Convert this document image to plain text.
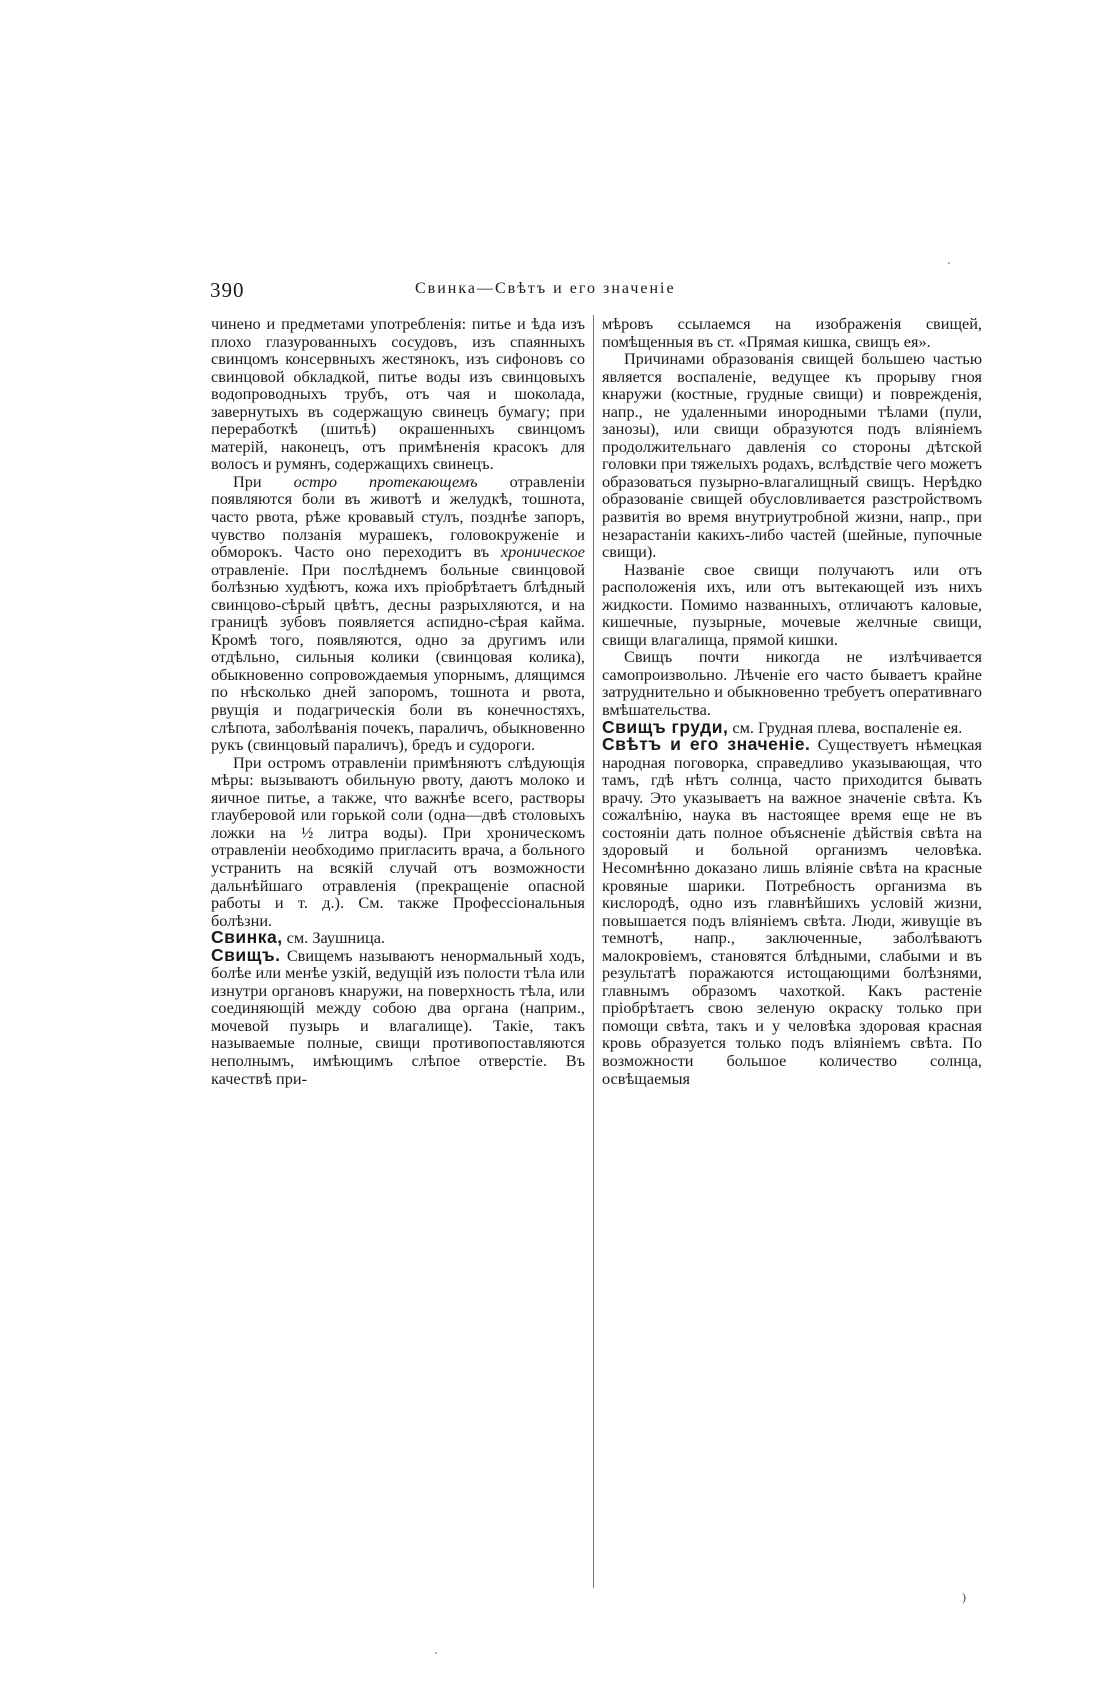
390	Свинка—Свѣтъ и его значеніе

чинено и предметами употребленія: питье и ѣда изъ плохо глазурованныхъ сосудовъ, изъ спаянныхъ свинцомъ консервныхъ жестянокъ, изъ сифоновъ со свинцовой обкладкой, питье воды изъ свинцовыхъ водопроводныхъ трубъ, отъ чая и шоколада, завернутыхъ въ содержащую свинецъ бумагу; при переработкѣ (шитьѣ) окрашенныхъ свинцомъ матерій, наконецъ, отъ примѣненія красокъ для волосъ и румянъ, содержащихъ свинецъ.

При остро протекающемъ отравленіи появляются боли въ животѣ и желудкѣ, тошнота, часто рвота, рѣже кровавый стулъ, позднѣе запоръ, чувство ползанія мурашекъ, головокруженіе и обморокъ. Часто оно переходитъ въ хроническое отравленіе. При послѣднемъ больные свинцовой болѣзнью худѣютъ, кожа ихъ пріобрѣтаетъ блѣдный свинцово-сѣрый цвѣтъ, десны разрыхляются, и на границѣ зубовъ появляется аспидно-сѣрая кайма. Кромѣ того, появляются, одно за другимъ или отдѣльно, сильныя колики (свинцовая колика), обыкновенно сопровождаемыя упорнымъ, длящимся по нѣсколько дней запоромъ, тошнота и рвота, рвущія и подагрическія боли въ конечностяхъ, слѣпота, заболѣванія почекъ, параличъ, обыкновенно рукъ (свинцовый параличъ), бредъ и судороги.

При остромъ отравленіи примѣняютъ слѣдующія мѣры: вызываютъ обильную рвоту, даютъ молоко и яичное питье, а также, что важнѣе всего, растворы глауберовой или горькой соли (одна—двѣ столовыхъ ложки на ½ литра воды). При хроническомъ отравленіи необходимо пригласить врача, а больного устранить на всякій случай отъ возможности дальнѣйшаго отравленія (прекращеніе опасной работы и т. д.). См. также Профессіональныя болѣзни.

Свинка, см. Заушница.

Свищъ. Свищемъ называютъ ненормальный ходъ, болѣе или менѣе узкій, ведущій изъ полости тѣла или изнутри органовъ кнаружи, на поверхность тѣла, или соединяющій между собою два органа (наприм., мочевой пузырь и влагалище). Такіе, такъ называемые полные, свищи противопоставляются неполнымъ, имѣющимъ слѣпое отверстіе. Въ качествѣ при-

мѣровъ ссылаемся на изображенія свищей, помѣщенныя въ ст. «Прямая кишка, свищъ ея».

Причинами образованія свищей большею частью является воспаленіе, ведущее къ прорыву гноя кнаружи (костные, грудные свищи) и поврежденія, напр., не удаленными инородными тѣлами (пули, занозы), или свищи образуются подъ вліяніемъ продолжительнаго давленія со стороны дѣтской головки при тяжелыхъ родахъ, вслѣдствіе чего можетъ образоваться пузырно-влагалищный свищъ. Нерѣдко образованіе свищей обусловливается разстройствомъ развитія во время внутриутробной жизни, напр., при незарастаніи какихъ-либо частей (шейные, пупочные свищи).

Названіе свое свищи получаютъ или отъ расположенія ихъ, или отъ вытекающей изъ нихъ жидкости. Помимо названныхъ, отличаютъ каловые, кишечные, пузырные, мочевые желчные свищи, свищи влагалища, прямой кишки.

Свищъ почти никогда не излѣчивается самопроизвольно. Лѣченіе его часто бываетъ крайне затруднительно и обыкновенно требуетъ оперативнаго вмѣшательства.

Свищъ груди, см. Грудная плева, воспаленіе ея.

Свѣтъ и его значеніе. Существуетъ нѣмецкая народная поговорка, справедливо указывающая, что тамъ, гдѣ нѣтъ солнца, часто приходится бывать врачу. Это указываетъ на важное значеніе свѣта. Къ сожалѣнію, наука въ настоящее время еще не въ состояніи дать полное объясненіе дѣйствія свѣта на здоровый и больной организмъ человѣка. Несомнѣнно доказано лишь вліяніе свѣта на красные кровяные шарики. Потребность организма въ кислородѣ, одно изъ главнѣйшихъ условій жизни, повышается подъ вліяніемъ свѣта. Люди, живущіе въ темнотѣ, напр., заключенные, заболѣваютъ малокровіемъ, становятся блѣдными, слабыми и въ результатѣ поражаются истощающими болѣзнями, главнымъ образомъ чахоткой. Какъ растеніе пріобрѣтаетъ свою зеленую окраску только при помощи свѣта, такъ и у человѣка здоровая красная кровь образуется только подъ вліяніемъ свѣта. По возможности большое количество солнца, освѣщаемыя

)
